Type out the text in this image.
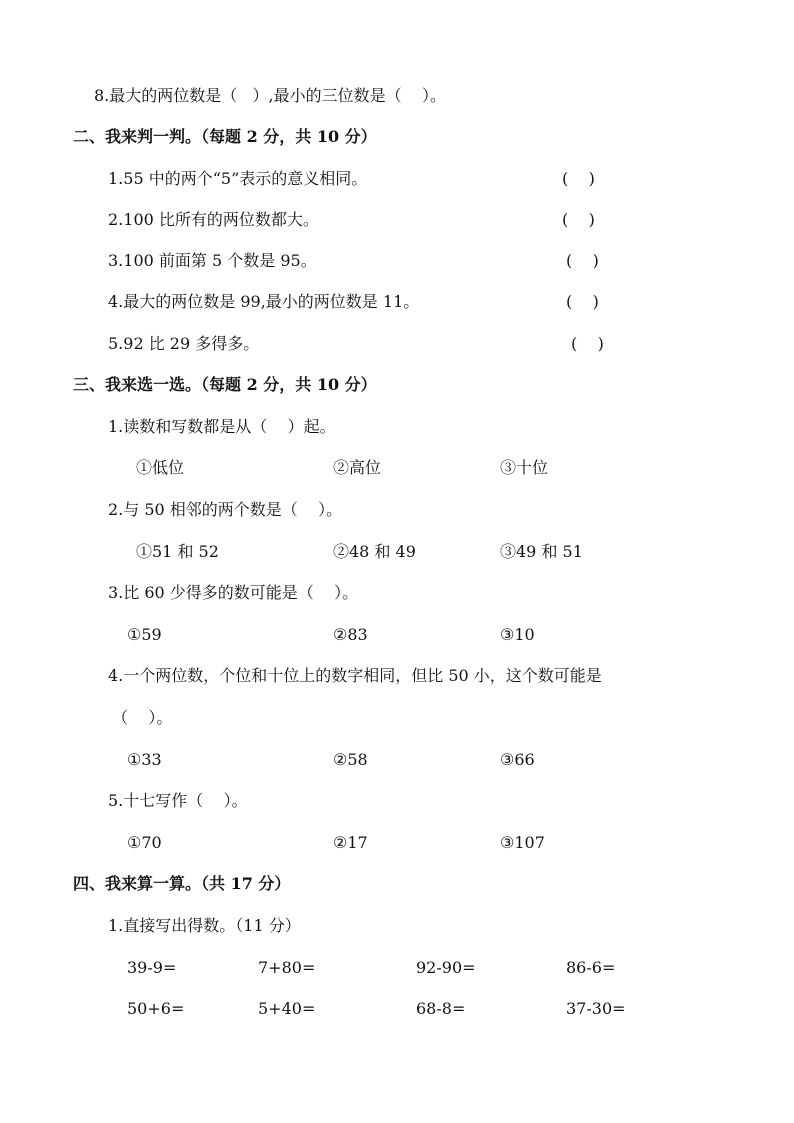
8.最大的两位数是（   ）,最小的三位数是（    ）。
二、我来判一判。（每题 2 分，共 10 分）
1.55 中的两个“5”表示的意义相同。	(    )
2.100 比所有的两位数都大。	(    )
3.100 前面第 5 个数是 95。	(    )
4.最大的两位数是 99,最小的两位数是 11。	(    )
5.92 比 29 多得多。	(    )
三、我来选一选。（每题 2 分，共 10 分）
1.读数和写数都是从（    ）起。
①低位	②高位	③十位
2.与 50 相邻的两个数是（    ）。
①51 和 52	②48 和 49	③49 和 51
3.比 60 少得多的数可能是（    ）。
①59	②83	③10
4.一个两位数，个位和十位上的数字相同，但比 50 小，这个数可能是
（    ）。
①33	②58	③66
5.十七写作（    ）。
①70	②17	③107
四、我来算一算。（共 17 分）
1.直接写出得数。（11 分）
39-9=	7+80=	92-90=	86-6=
50+6=	5+40=	68-8=	37-30=
